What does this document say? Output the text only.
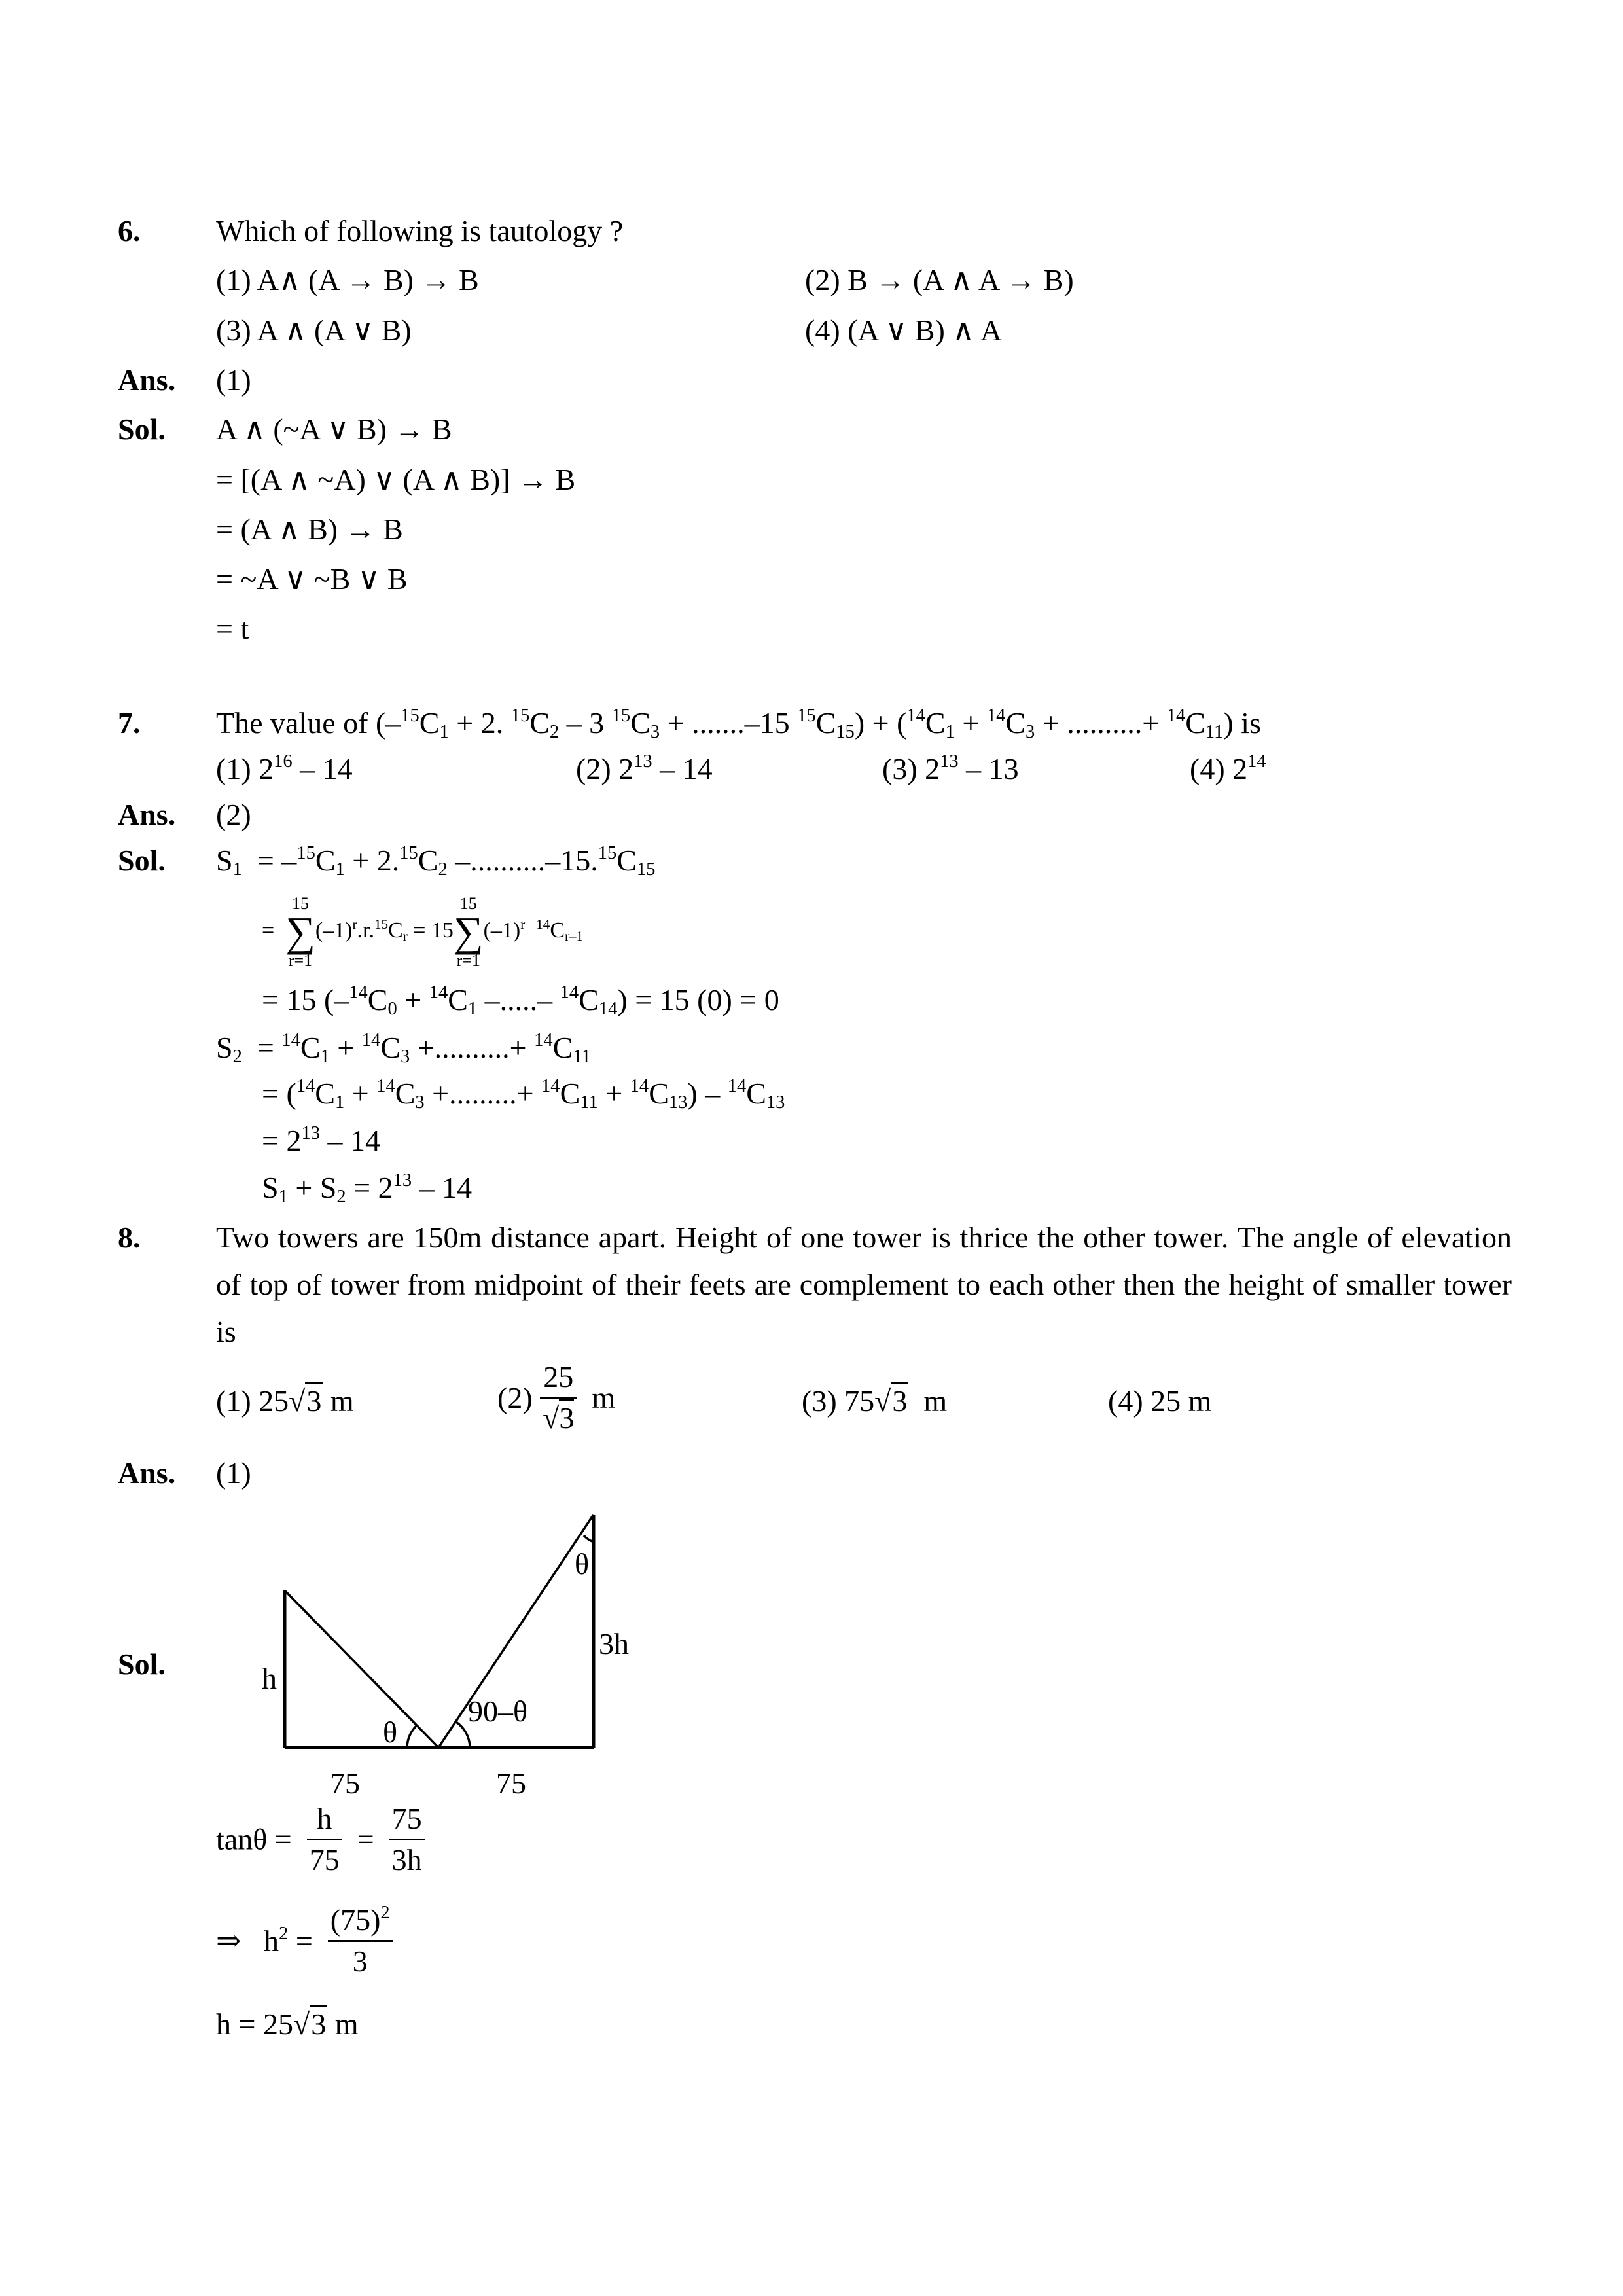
6.	Which of following is tautology ?
(1) A∧ (A → B) → B	(2) B → (A ∧ A → B)
(3) A ∧ (A ∨ B)	(4) (A ∨ B) ∧ A
Ans. (1)
Sol. A ∧ (~A ∨ B) → B
= [(A ∧ ~A) ∨ (A ∧ B)] → B
= (A ∧ B) → B
= ~A ∨ ~B ∨ B
= t
7.	The value of ($-^{15}C_1 + 2$. $^{15}C_2 - 3$ $^{15}C_3 + .......-15$ $^{15}C_{15}) + (^{14}C_1 + ^{14}C_3$ + ..........+ $^{14}C_{11}$) is
(1) $2^{16} - 14$	(2) $2^{13} - 14$	(3) $2^{13} - 13$	(4) $2^{14}$
Ans. (2)
Sol. $S_1 = -^{15}C_1 + 2.15C_2$ $-..........-15.15C_{15}$
=
15
∑
r=1
$(-1)^r.r.^{15}C_r = 15$
15
∑
r=1
$(-1)^r$ $^{14}C_{r-1}$
= 15 ($-^{14}C_0 + ^{14}C_1$ –.....– $^{14}C_{14}) = 15$ (0) = 0
$S_2 = ^{14}C_1 + ^{14}C_3$ +..........+ $^{14}C_{11}$
= ($^{14}C_1 + ^{14}C_3$ +.........+ $^{14}C_{11} + ^{14}C_{13}) - ^{14}C_{13}$
= $2^{13} - 14$
$S_1 + S_2 = 2^{13} - 14$
8.	Two towers are 150m distance apart. Height of one tower is thrice the other tower. The angle of elevation of top of tower from midpoint of their feets are complement to each other then the height of smaller tower is
(1) 25√3 m	$(2) \frac{25}{√3}$ m	(3) 75√3 m	(4) 25 m
Ans. (1)
Sol.	h
3h
75	75
θ
90–θ
θ
$\tan\theta = \frac{h}{75} = \frac{75}{3h}$
⇒ $h^2 = \frac{(75)^2}{3}$
h = 25√3 m
